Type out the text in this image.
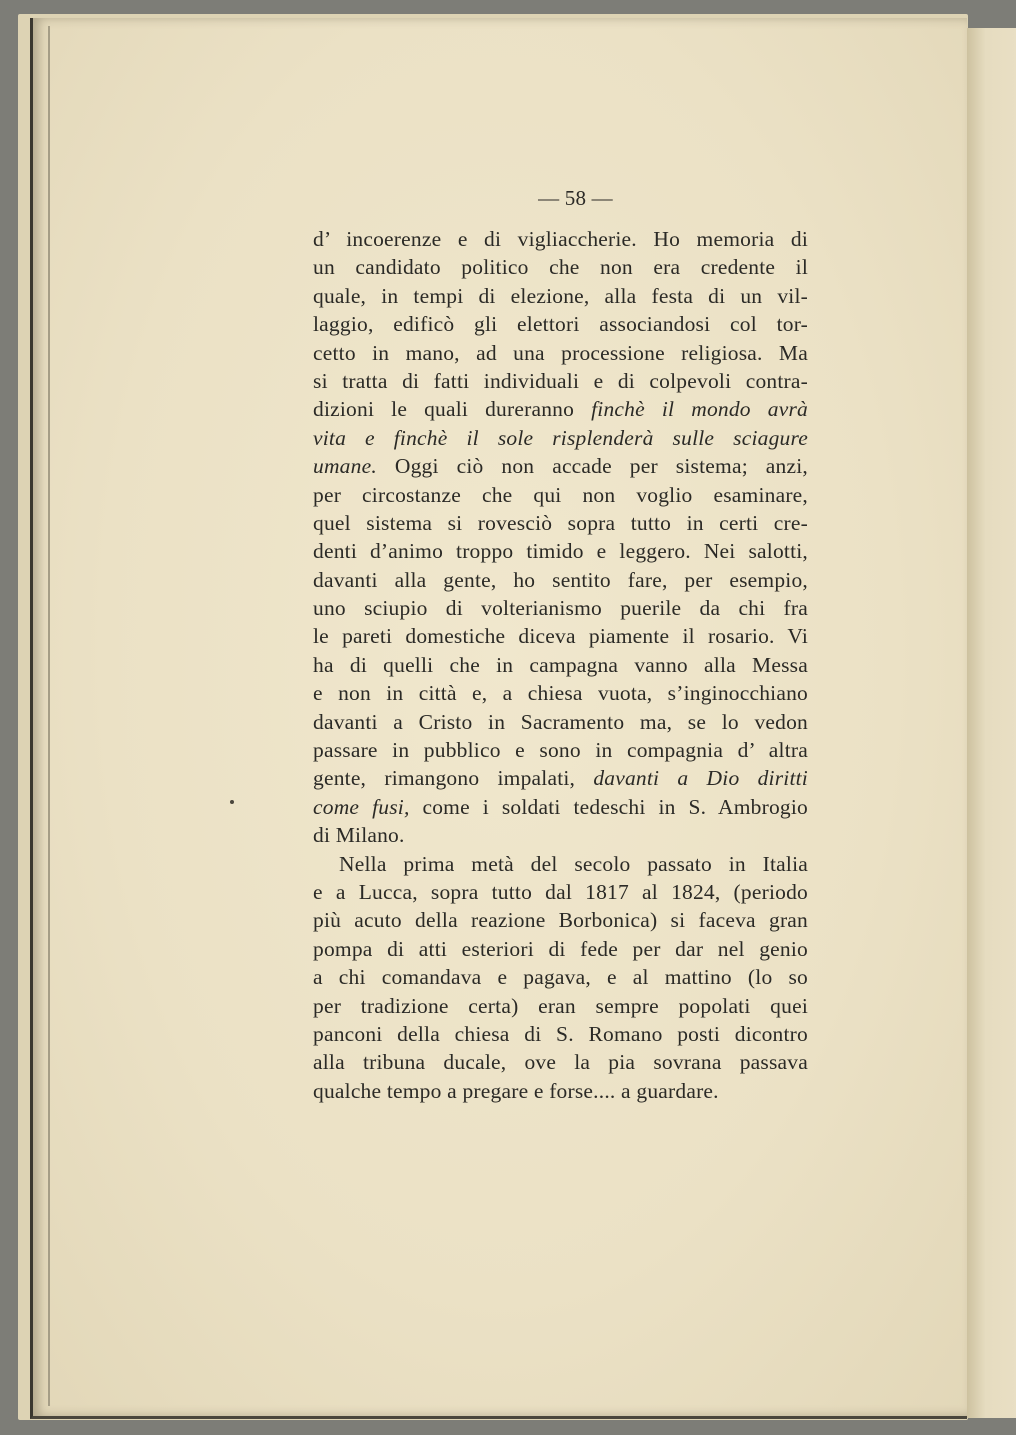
— 58 —
d’ incoerenze e di vigliaccherie. Ho memoria di
un candidato politico che non era credente il
quale, in tempi di elezione, alla festa di un vil-
laggio, edificò gli elettori associandosi col tor-
cetto in mano, ad una processione religiosa. Ma
si tratta di fatti individuali e di colpevoli contra-
dizioni le quali dureranno finchè il mondo avrà
vita e finchè il sole risplenderà sulle sciagure
umane. Oggi ciò non accade per sistema; anzi,
per circostanze che qui non voglio esaminare,
quel sistema si rovesciò sopra tutto in certi cre-
denti d’animo troppo timido e leggero. Nei salotti,
davanti alla gente, ho sentito fare, per esempio,
uno sciupio di volterianismo puerile da chi fra
le pareti domestiche diceva piamente il rosario. Vi
ha di quelli che in campagna vanno alla Messa
e non in città e, a chiesa vuota, s’inginocchiano
davanti a Cristo in Sacramento ma, se lo vedon
passare in pubblico e sono in compagnia d’ altra
gente, rimangono impalati, davanti a Dio diritti
come fusi, come i soldati tedeschi in S. Ambrogio
di Milano.
Nella prima metà del secolo passato in Italia
e a Lucca, sopra tutto dal 1817 al 1824, (periodo
più acuto della reazione Borbonica) si faceva gran
pompa di atti esteriori di fede per dar nel genio
a chi comandava e pagava, e al mattino (lo so
per tradizione certa) eran sempre popolati quei
panconi della chiesa di S. Romano posti dicontro
alla tribuna ducale, ove la pia sovrana passava
qualche tempo a pregare e forse.... a guardare.
